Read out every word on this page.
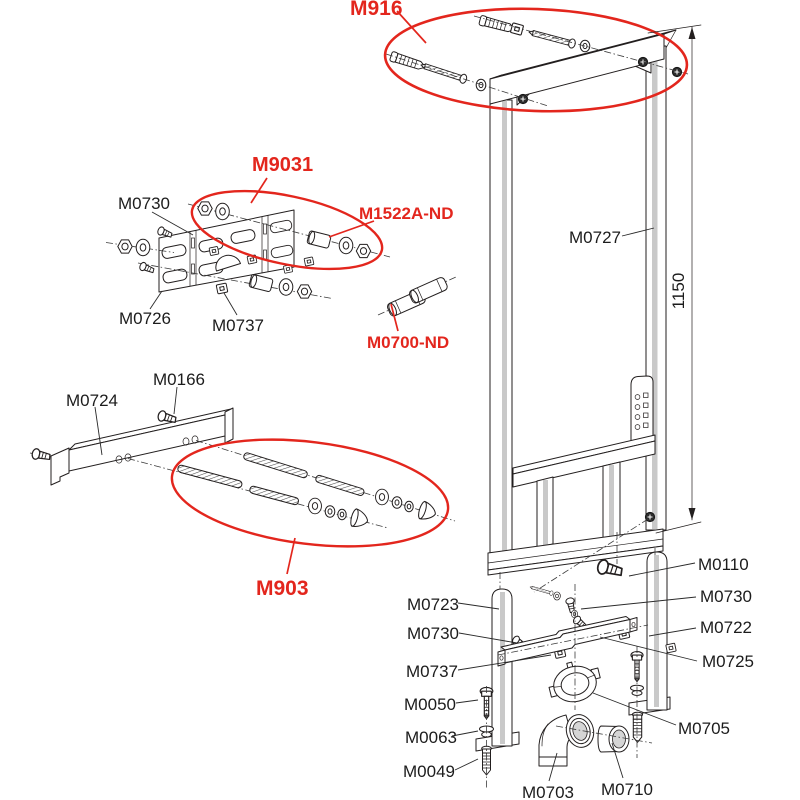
1150
M916
M9031
M1522A-ND
M0700-ND
M903
M0730
M0726 M0737
M0727
M0166
M0724
M0723
M0730
M0737
M0050
M0063
M0049
M0110
M0730
M0722
M0725
M0705
M0710
M0703
